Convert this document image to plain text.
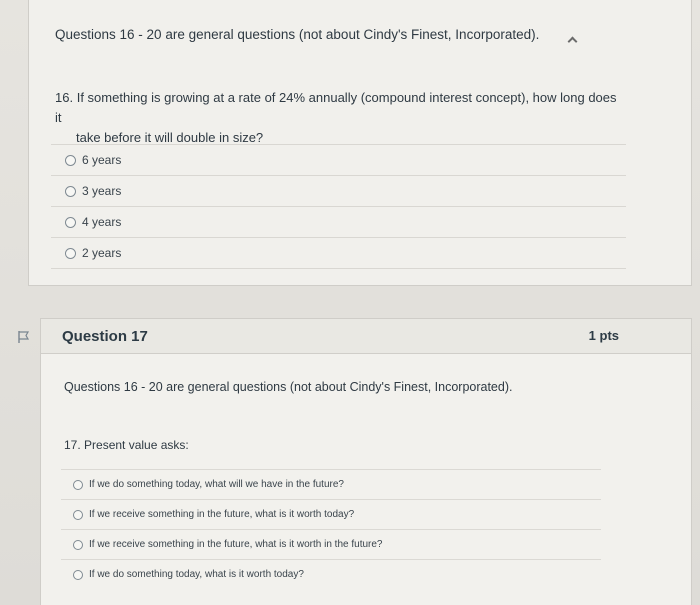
Questions 16 - 20 are general questions (not about Cindy's Finest, Incorporated).
16. If something is growing at a rate of 24% annually (compound interest concept), how long does it
take before it will double in size?
6 years
3 years
4 years
2 years
Question 17	1 pts
Questions 16 - 20 are general questions (not about Cindy's Finest, Incorporated).
17. Present value asks:
If we do something today, what will we have in the future?
If we receive something in the future, what is it worth today?
If we receive something in the future, what is it worth in the future?
If we do something today, what is it worth today?
